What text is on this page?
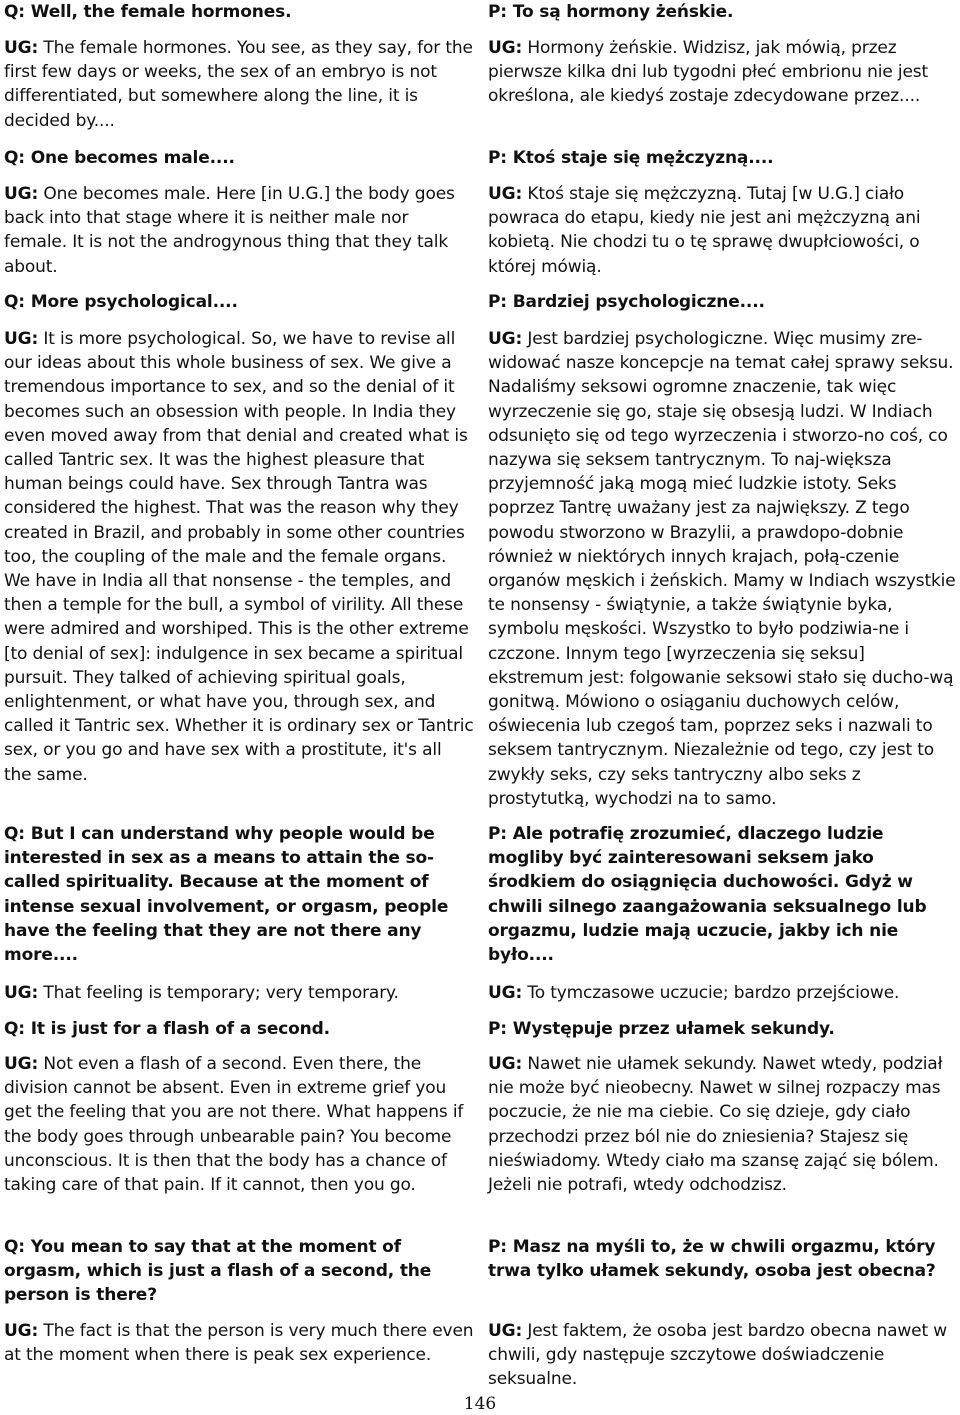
Q: Well, the female hormones.

UG: The female hormones. You see, as they say, for the first few days or weeks, the sex of an embryo is not differentiated, but somewhere along the line, it is decided by....

Q: One becomes male....

UG: One becomes male. Here [in U.G.] the body goes back into that stage where it is neither male nor female. It is not the androgynous thing that they talk about.

Q: More psychological....

UG: It is more psychological. So, we have to revise all our ideas about this whole business of sex. We give a tremendous importance to sex, and so the denial of it becomes such an obsession with people. In India they even moved away from that denial and created what is called Tantric sex. It was the highest pleasure that human beings could have. Sex through Tantra was considered the highest. That was the reason why they created in Brazil, and probably in some other countries too, the coupling of the male and the female organs. We have in India all that nonsense - the temples, and then a temple for the bull, a symbol of virility. All these were admired and worshiped. This is the other extreme [to denial of sex]: indulgence in sex became a spiritual pursuit. They talked of achieving spiritual goals, enlightenment, or what have you, through sex, and called it Tantric sex. Whether it is ordinary sex or Tantric sex, or you go and have sex with a prostitute, it's all the same.

Q: But I can understand why people would be interested in sex as a means to attain the so-called spirituality. Because at the moment of intense sexual involvement, or orgasm, people have the feeling that they are not there any more....

UG: That feeling is temporary; very temporary.

Q: It is just for a flash of a second.

UG: Not even a flash of a second. Even there, the division cannot be absent. Even in extreme grief you get the feeling that you are not there. What happens if the body goes through unbearable pain? You become unconscious. It is then that the body has a chance of taking care of that pain. If it cannot, then you go.

Q: You mean to say that at the moment of orgasm, which is just a flash of a second, the person is there?

UG: The fact is that the person is very much there even at the moment when there is peak sex experience.

P: To są hormony żeńskie.

UG: Hormony żeńskie. Widzisz, jak mówią, przez pierwsze kilka dni lub tygodni płeć embrionu nie jest określona, ale kiedyś zostaje zdecydowane przez....

P: Ktoś staje się mężczyzną....

UG: Ktoś staje się mężczyzną. Tutaj [w U.G.] ciało powraca do etapu, kiedy nie jest ani mężczyzną ani kobietą. Nie chodzi tu o tę sprawę dwupłciowości, o której mówią.

P: Bardziej psychologiczne....

UG: Jest bardziej psychologiczne. Więc musimy zre-widować nasze koncepcje na temat całej sprawy seksu. Nadaliśmy seksowi ogromne znaczenie, tak więc wyrzeczenie się go, staje się obsesją ludzi. W Indiach odsunięto się od tego wyrzeczenia i stworzo-no coś, co nazywa się seksem tantrycznym. To naj-większa przyjemność jaką mogą mieć ludzkie istoty. Seks poprzez Tantrę uważany jest za największy. Z tego powodu stworzono w Brazylii, a prawdopo-dobnie również w niektórych innych krajach, połą-czenie organów męskich i żeńskich. Mamy w Indiach wszystkie te nonsensy - świątynie, a także świątynie byka, symbolu męskości. Wszystko to było podziwia-ne i czczone. Innym tego [wyrzeczenia się seksu] ekstremum jest: folgowanie seksowi stało się ducho-wą gonitwą. Mówiono o osiąganiu duchowych celów, oświecenia lub czegoś tam, poprzez seks i nazwali to seksem tantrycznym. Niezależnie od tego, czy jest to zwykły seks, czy seks tantryczny albo seks z prostytutką, wychodzi na to samo.

P: Ale potrafię zrozumieć, dlaczego ludzie mogliby być zainteresowani seksem jako środkiem do osiągnięcia duchowości. Gdyż w chwili silnego zaangażowania seksualnego lub orgazmu, ludzie mają uczucie, jakby ich nie było....

UG: To tymczasowe uczucie; bardzo przejściowe.

P: Występuje przez ułamek sekundy.

UG: Nawet nie ułamek sekundy. Nawet wtedy, podział nie może być nieobecny. Nawet w silnej rozpaczy mas poczucie, że nie ma ciebie. Co się dzieje, gdy ciało przechodzi przez ból nie do zniesienia? Stajesz się nieświadomy. Wtedy ciało ma szansę zająć się bólem. Jeżeli nie potrafi, wtedy odchodzisz.

P: Masz na myśli to, że w chwili orgazmu, który trwa tylko ułamek sekundy, osoba jest obecna?

UG: Jest faktem, że osoba jest bardzo obecna nawet w chwili, gdy następuje szczytowe doświadczenie seksualne.

146
